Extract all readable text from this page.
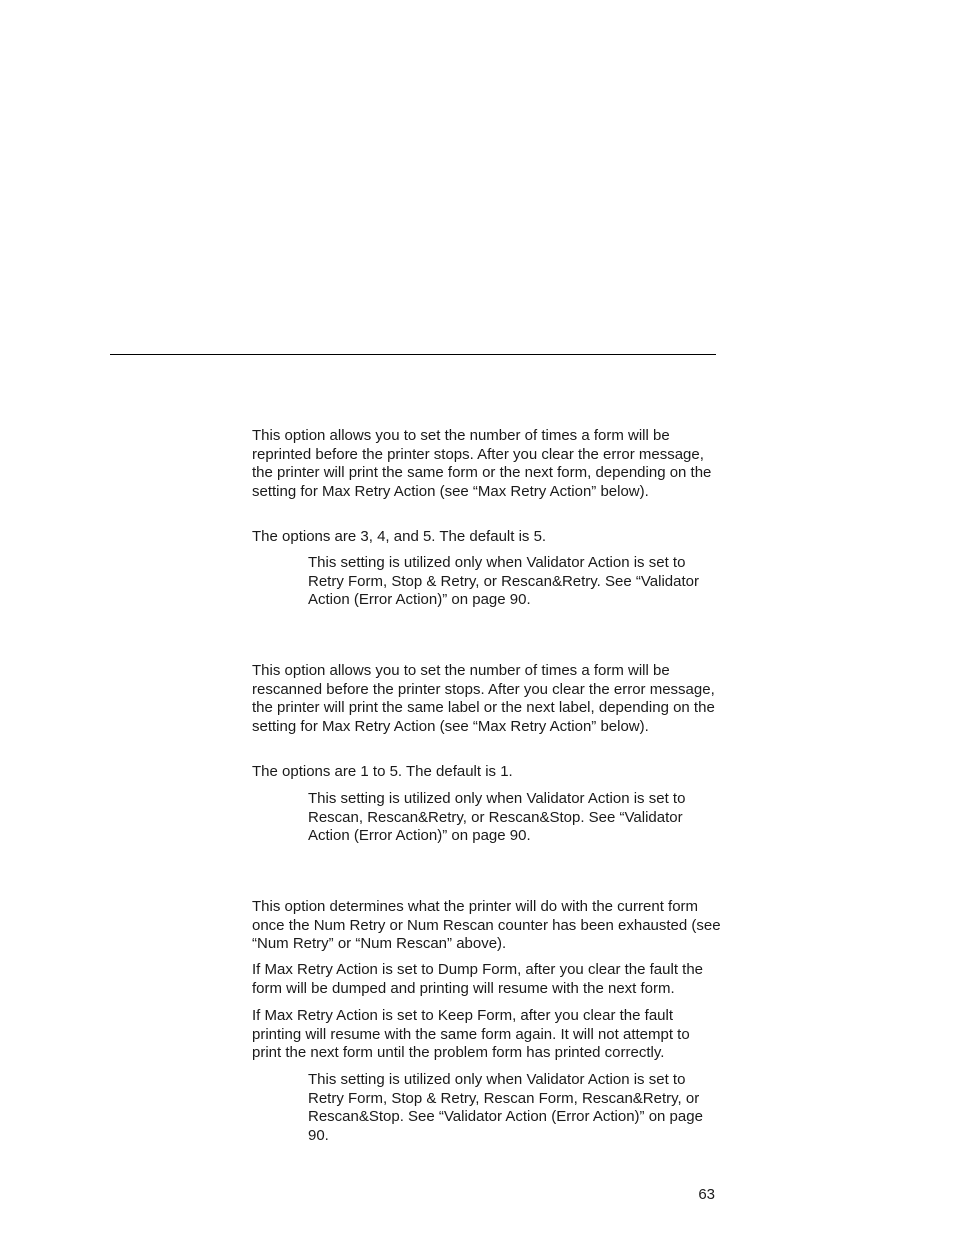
This option allows you to set the number of times a form will be reprinted before the printer stops. After you clear the error message, the printer will print the same form or the next form, depending on the setting for Max Retry Action (see “Max Retry Action” below).

The options are 3, 4, and 5. The default is 5.

This setting is utilized only when Validator Action is set to Retry Form, Stop & Retry, or Rescan&Retry. See “Validator Action (Error Action)” on page 90.

This option allows you to set the number of times a form will be rescanned before the printer stops. After you clear the error message, the printer will print the same label or the next label, depending on the setting for Max Retry Action (see “Max Retry Action” below).

The options are 1 to 5. The default is 1.

This setting is utilized only when Validator Action is set to Rescan, Rescan&Retry, or Rescan&Stop. See “Validator Action (Error Action)” on page 90.

This option determines what the printer will do with the current form once the Num Retry or Num Rescan counter has been exhausted (see “Num Retry” or “Num Rescan” above).

If Max Retry Action is set to Dump Form, after you clear the fault the form will be dumped and printing will resume with the next form.

If Max Retry Action is set to Keep Form, after you clear the fault printing will resume with the same form again. It will not attempt to print the next form until the problem form has printed correctly.

This setting is utilized only when Validator Action is set to Retry Form, Stop & Retry, Rescan Form, Rescan&Retry, or Rescan&Stop. See “Validator Action (Error Action)” on page 90.

63
